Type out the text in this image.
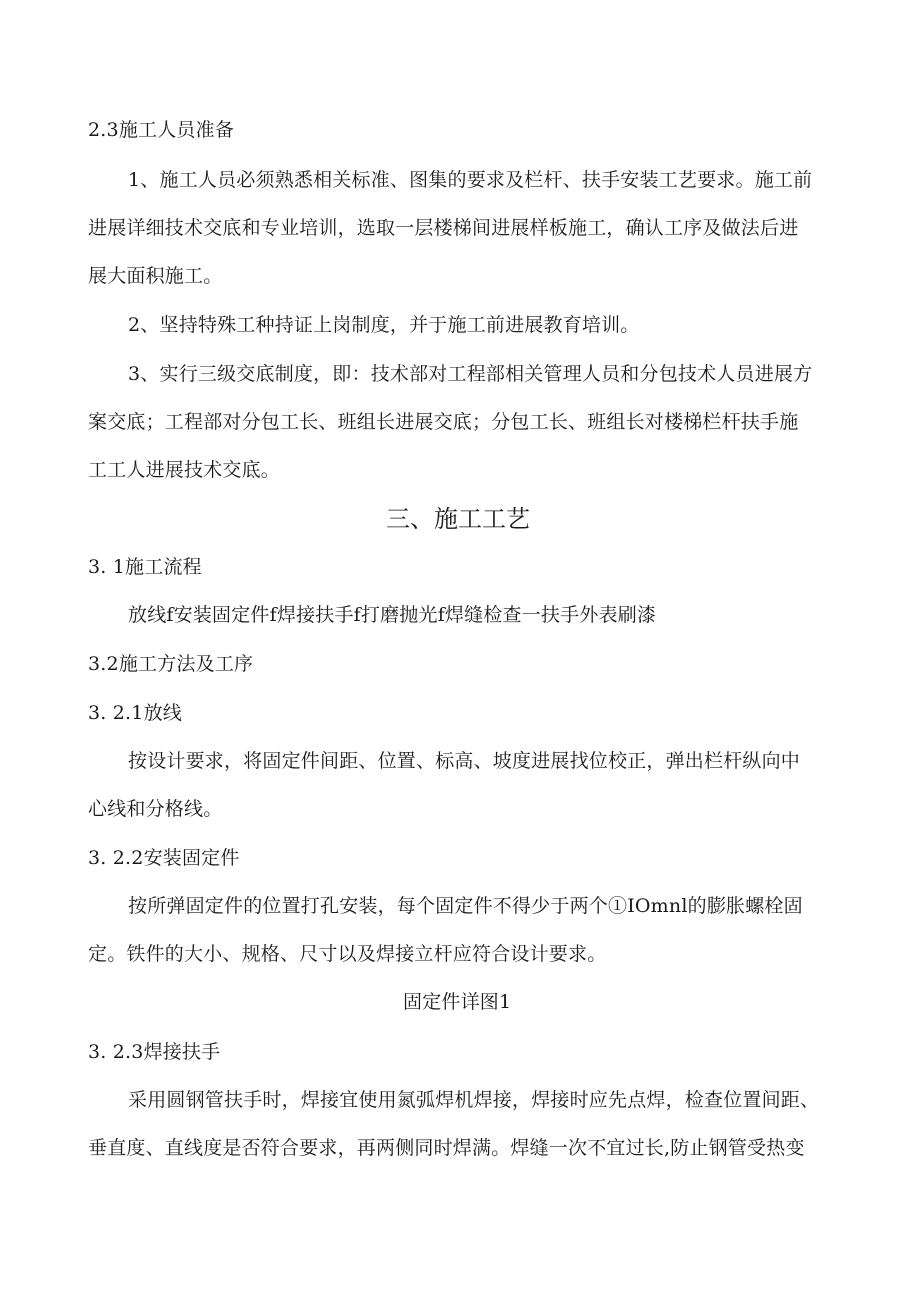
2.3施工人员准备
1、施工人员必须熟悉相关标准、图集的要求及栏杆、扶手安装工艺要求。施工前
进展详细技术交底和专业培训，选取一层楼梯间进展样板施工，确认工序及做法后进
展大面积施工。
2、坚持特殊工种持证上岗制度，并于施工前进展教育培训。
3、实行三级交底制度，即：技术部对工程部相关管理人员和分包技术人员进展方
案交底；工程部对分包工长、班组长进展交底；分包工长、班组长对楼梯栏杆扶手施
工工人进展技术交底。
三、施工工艺
3. 1施工流程
放线f安装固定件f焊接扶手f打磨抛光f焊缝检查一扶手外表刷漆
3.2施工方法及工序
3. 2.1放线
按设计要求，将固定件间距、位置、标高、坡度进展找位校正，弹出栏杆纵向中
心线和分格线。
3. 2.2安装固定件
按所弹固定件的位置打孔安装，每个固定件不得少于两个①IOmnl的膨胀螺栓固
定。铁件的大小、规格、尺寸以及焊接立杆应符合设计要求。
固定件详图1
3. 2.3焊接扶手
采用圆钢管扶手时，焊接宜使用氮弧焊机焊接，焊接时应先点焊，检查位置间距、
垂直度、直线度是否符合要求，再两侧同时焊满。焊缝一次不宜过长,防止钢管受热变
